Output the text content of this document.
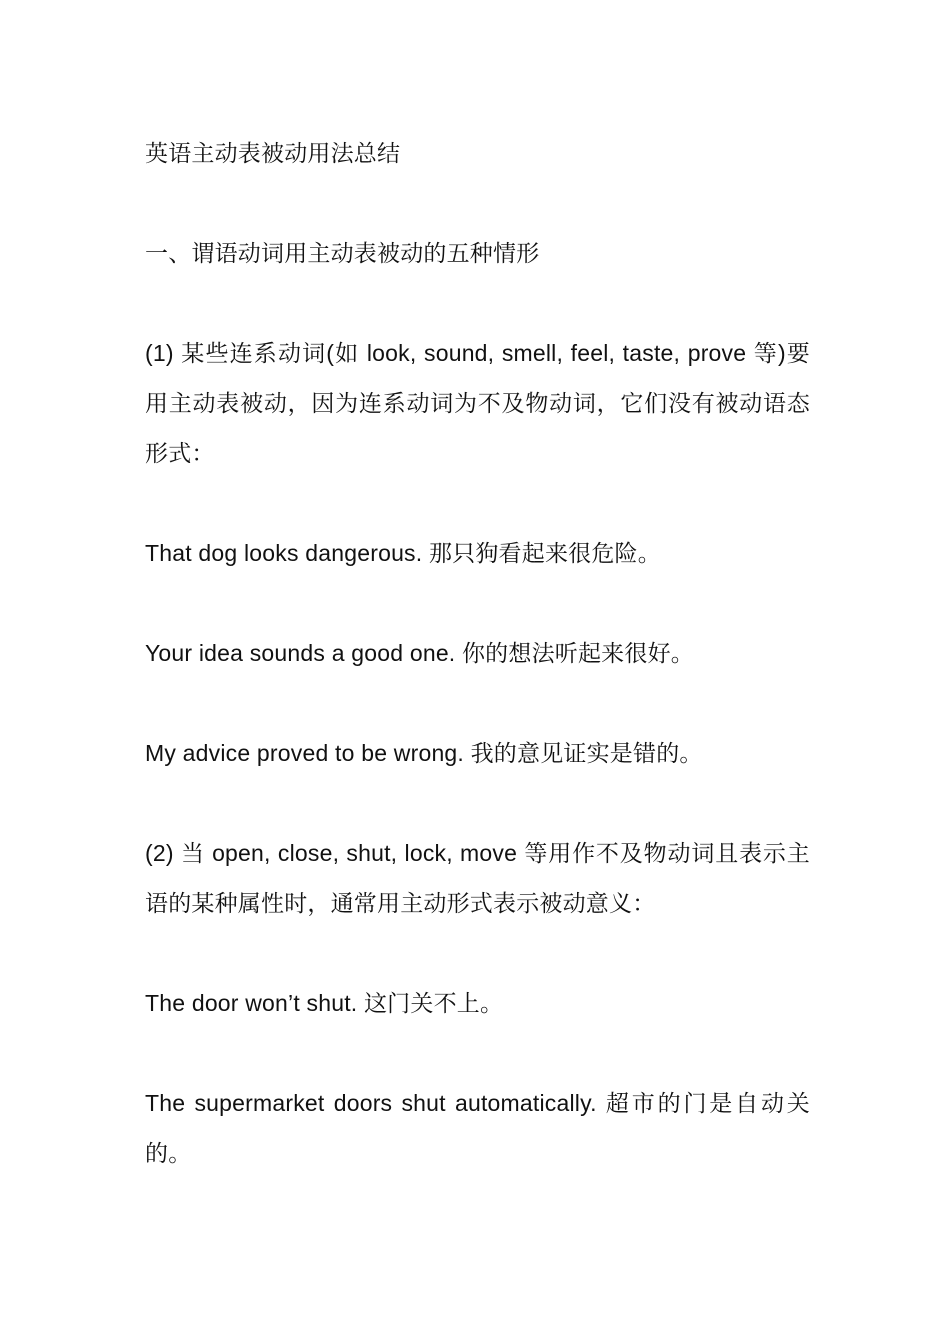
英语主动表被动用法总结

一、谓语动词用主动表被动的五种情形

(1) 某些连系动词(如 look, sound, smell, feel, taste, prove 等)要用主动表被动，因为连系动词为不及物动词，它们没有被动语态形式：

That dog looks dangerous. 那只狗看起来很危险。

Your idea sounds a good one. 你的想法听起来很好。

My advice proved to be wrong. 我的意见证实是错的。

(2) 当 open, close, shut, lock, move 等用作不及物动词且表示主语的某种属性时，通常用主动形式表示被动意义：

The door won’t shut. 这门关不上。

The supermarket doors shut automatically. 超市的门是自动关的。
